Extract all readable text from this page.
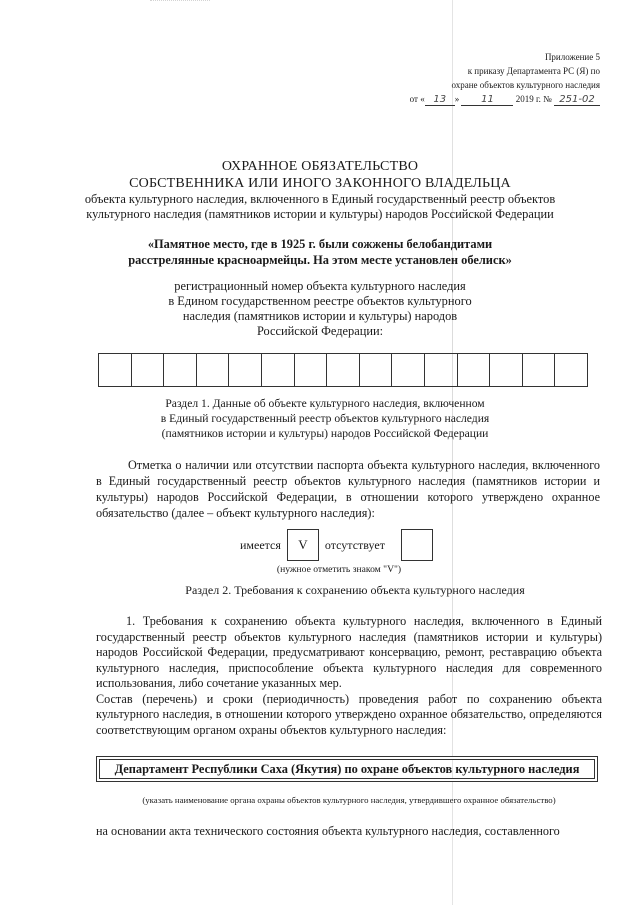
Приложение 5
к приказу Департамента РС (Я) по
охране объектов культурного наследия
от « 13 » 11 2019 г. № 251-02
ОХРАННОЕ ОБЯЗАТЕЛЬСТВО
СОБСТВЕННИКА ИЛИ ИНОГО ЗАКОННОГО ВЛАДЕЛЬЦА
объекта культурного наследия, включенного в Единый государственный реестр объектов
культурного наследия (памятников истории и культуры) народов Российской Федерации
«Памятное место, где в 1925 г. были сожжены белобандитами расстрелянные красноармейцы. На этом месте установлен обелиск»
регистрационный номер объекта культурного наследия
в Едином государственном реестре объектов культурного
наследия (памятников истории и культуры) народов
Российской Федерации:
Раздел 1. Данные об объекте культурного наследия, включенном
в Единый государственный реестр объектов культурного наследия
(памятников истории и культуры) народов Российской Федерации
Отметка о наличии или отсутствии паспорта объекта культурного наследия, включенного в Единый государственный реестр объектов культурного наследия (памятников истории и культуры) народов Российской Федерации, в отношении которого утверждено охранное обязательство (далее – объект культурного наследия):
имеется	V	отсутствует
(нужное отметить знаком "V")
Раздел 2. Требования к сохранению объекта культурного наследия

1. Требования к сохранению объекта культурного наследия, включенного в Единый государственный реестр объектов культурного наследия (памятников истории и культуры) народов Российской Федерации, предусматривают консервацию, ремонт, реставрацию объекта культурного наследия, приспособление объекта культурного наследия для современного использования, либо сочетание указанных мер.

Состав (перечень) и сроки (периодичность) проведения работ по сохранению объекта культурного наследия, в отношении которого утверждено охранное обязательство, определяются соответствующим органом охраны объектов культурного наследия:

Департамент Республики Саха (Якутия) по охране объектов культурного наследия
(указать наименование органа охраны объектов культурного наследия, утвердившего охранное обязательство)
на основании акта технического состояния объекта культурного наследия, составленного
